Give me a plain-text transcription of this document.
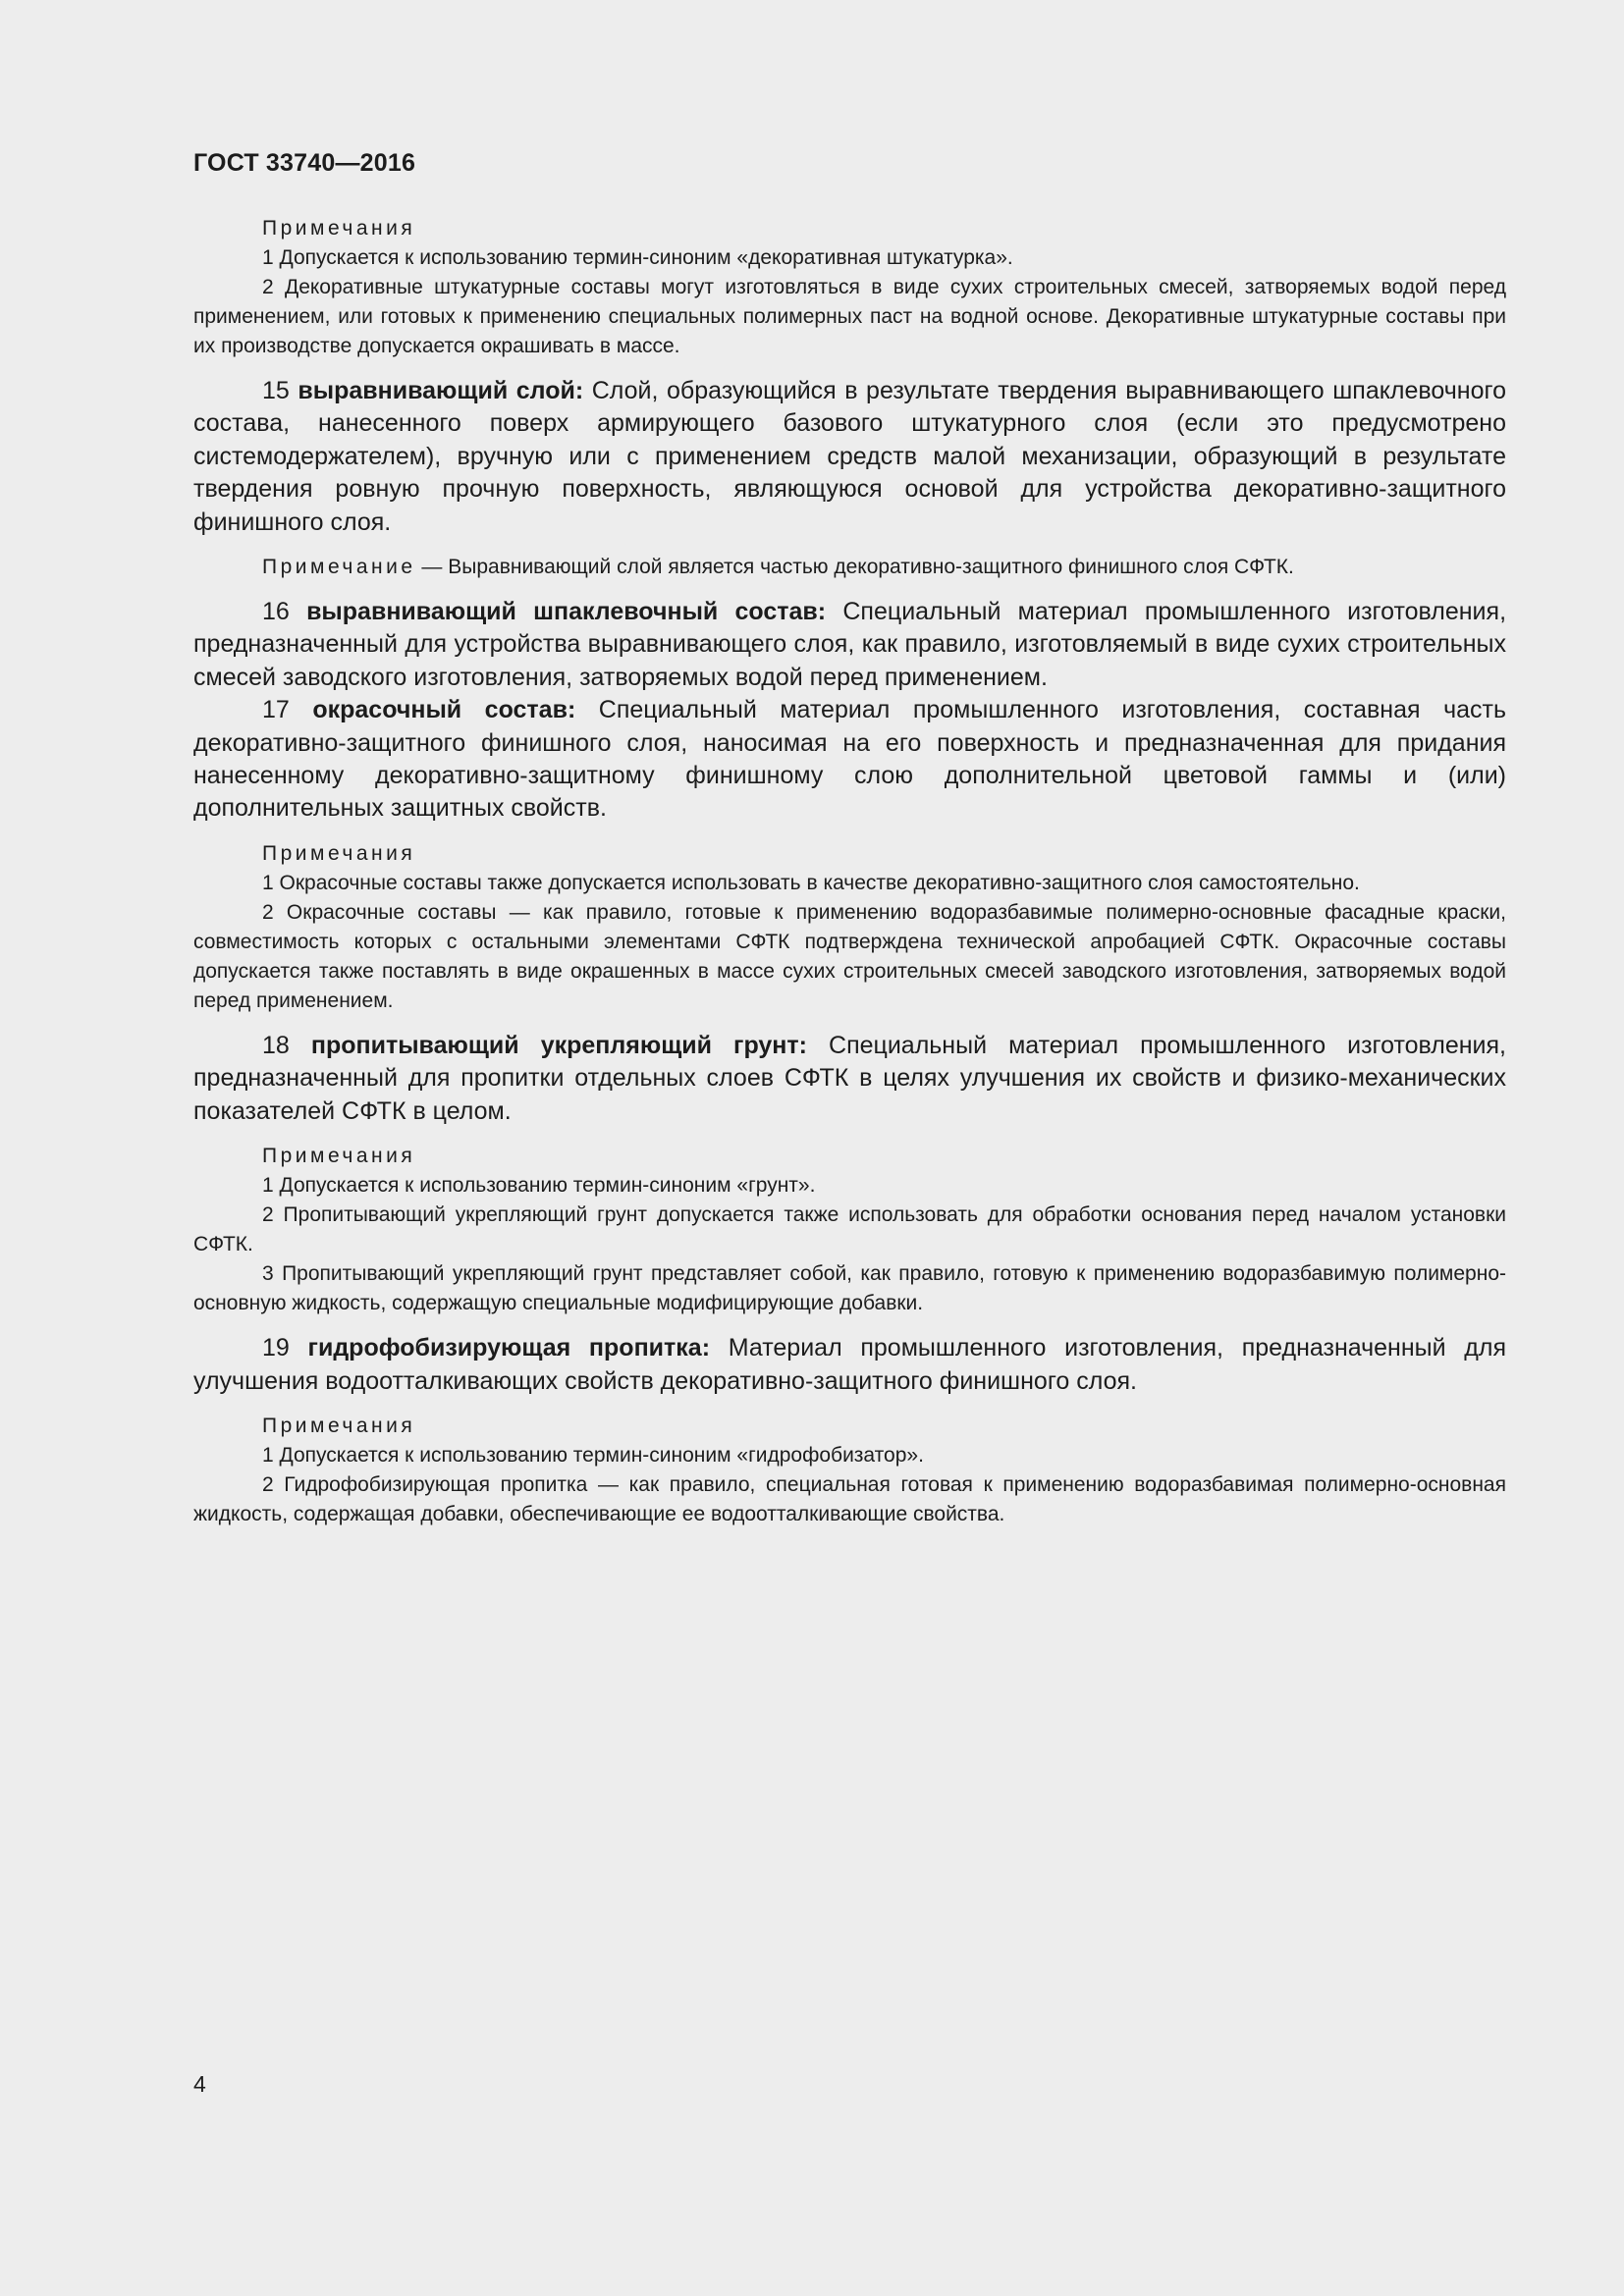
ГОСТ 33740—2016

Примечания

1 Допускается к использованию термин-синоним «декоративная штукатурка».

2 Декоративные штукатурные составы могут изготовляться в виде сухих строительных смесей, затворяемых водой перед применением, или готовых к применению специальных полимерных паст на водной основе. Декоративные штукатурные составы при их производстве допускается окрашивать в массе.

15 выравнивающий слой: Слой, образующийся в результате твердения выравнивающего шпаклевочного состава, нанесенного поверх армирующего базового штукатурного слоя (если это предусмотрено системодержателем), вручную или с применением средств малой механизации, образующий в результате твердения ровную прочную поверхность, являющуюся основой для устройства декоративно-защитного финишного слоя.

Примечание — Выравнивающий слой является частью декоративно-защитного финишного слоя СФТК.

16 выравнивающий шпаклевочный состав: Специальный материал промышленного изготовления, предназначенный для устройства выравнивающего слоя, как правило, изготовляемый в виде сухих строительных смесей заводского изготовления, затворяемых водой перед применением.

17 окрасочный состав: Специальный материал промышленного изготовления, составная часть декоративно-защитного финишного слоя, наносимая на его поверхность и предназначенная для придания нанесенному декоративно-защитному финишному слою дополнительной цветовой гаммы и (или) дополнительных защитных свойств.

Примечания

1 Окрасочные составы также допускается использовать в качестве декоративно-защитного слоя самостоятельно.

2 Окрасочные составы — как правило, готовые к применению водоразбавимые полимерно-основные фасадные краски, совместимость которых с остальными элементами СФТК подтверждена технической апробацией СФТК. Окрасочные составы допускается также поставлять в виде окрашенных в массе сухих строительных смесей заводского изготовления, затворяемых водой перед применением.

18 пропитывающий укрепляющий грунт: Специальный материал промышленного изготовления, предназначенный для пропитки отдельных слоев СФТК в целях улучшения их свойств и физико-механических показателей СФТК в целом.

Примечания

1 Допускается к использованию термин-синоним «грунт».

2 Пропитывающий укрепляющий грунт допускается также использовать для обработки основания перед началом установки СФТК.

3 Пропитывающий укрепляющий грунт представляет собой, как правило, готовую к применению водоразбавимую полимерно-основную жидкость, содержащую специальные модифицирующие добавки.

19 гидрофобизирующая пропитка: Материал промышленного изготовления, предназначенный для улучшения водоотталкивающих свойств декоративно-защитного финишного слоя.

Примечания

1 Допускается к использованию термин-синоним «гидрофобизатор».

2 Гидрофобизирующая пропитка — как правило, специальная готовая к применению водоразбавимая полимерно-основная жидкость, содержащая добавки, обеспечивающие ее водоотталкивающие свойства.

4
